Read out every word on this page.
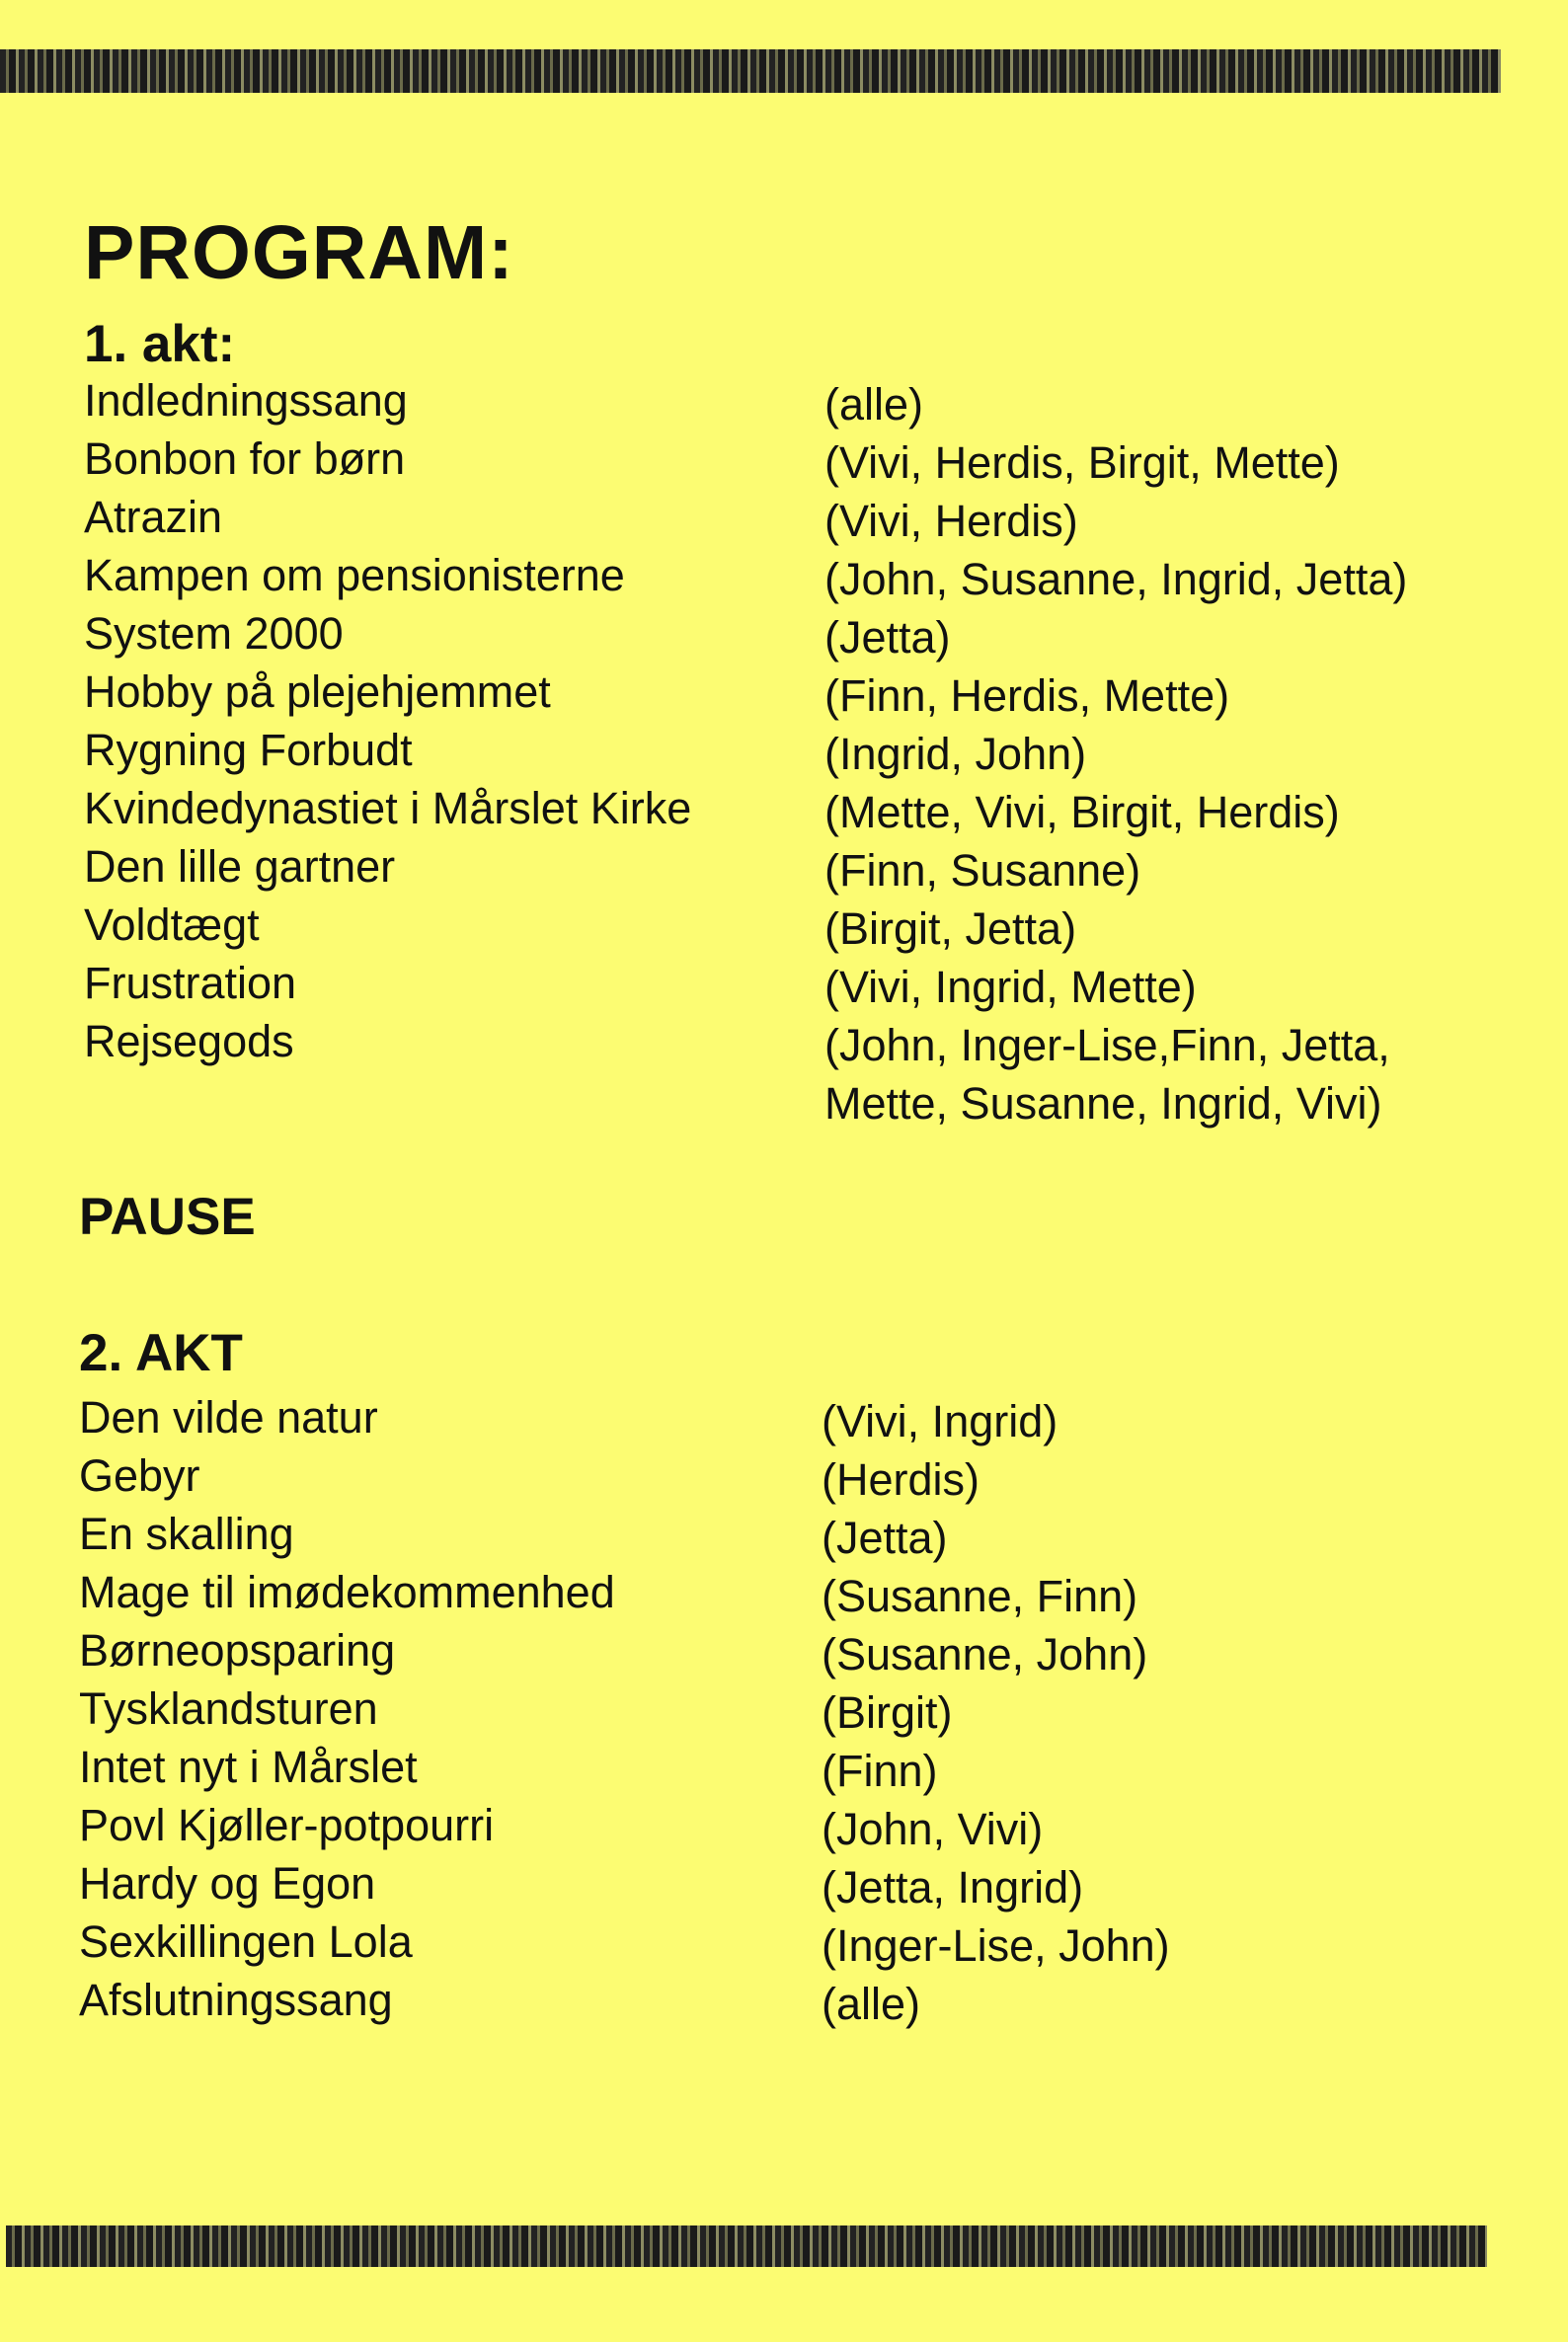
PROGRAM:
1. akt:
Indledningssang	(alle)
Bonbon for børn	(Vivi, Herdis, Birgit, Mette)
Atrazin	(Vivi, Herdis)
Kampen om pensionisterne	(John, Susanne, Ingrid, Jetta)
System 2000	(Jetta)
Hobby på plejehjemmet	(Finn, Herdis, Mette)
Rygning Forbudt	(Ingrid, John)
Kvindedynastiet i Mårslet Kirke	(Mette, Vivi, Birgit, Herdis)
Den lille gartner	(Finn, Susanne)
Voldtægt	(Birgit, Jetta)
Frustration	(Vivi, Ingrid, Mette)
Rejsegods	(John, Inger-Lise,Finn, Jetta, Mette, Susanne, Ingrid, Vivi)
PAUSE
2. AKT
Den vilde natur	(Vivi, Ingrid)
Gebyr	(Herdis)
En skalling	(Jetta)
Mage til imødekommenhed	(Susanne, Finn)
Børneopsparing	(Susanne, John)
Tysklandsturen	(Birgit)
Intet nyt i Mårslet	(Finn)
Povl Kjøller-potpourri	(John, Vivi)
Hardy og Egon	(Jetta, Ingrid)
Sexkillingen Lola	(Inger-Lise, John)
Afslutningssang	(alle)
